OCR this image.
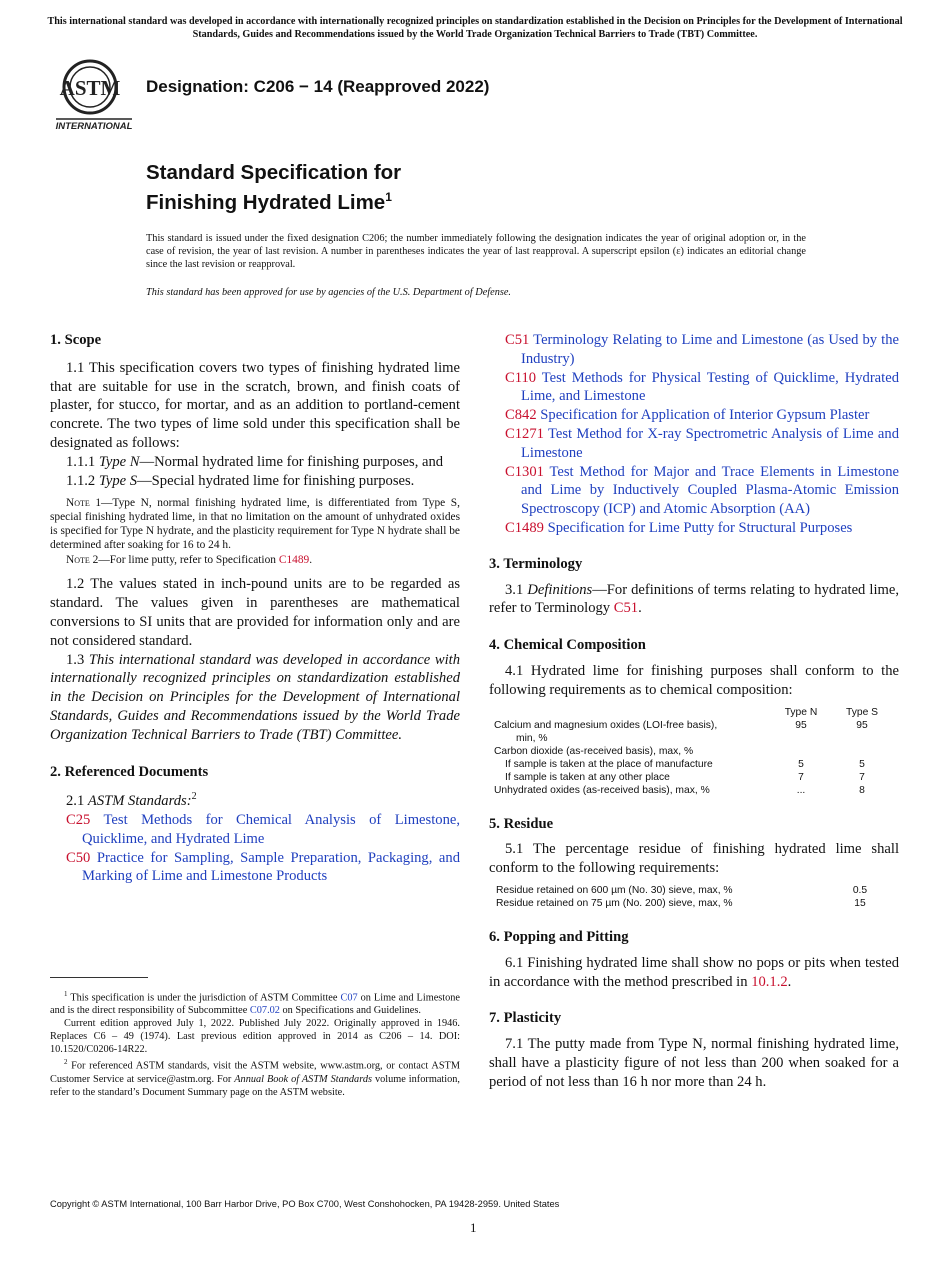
This international standard was developed in accordance with internationally recognized principles on standardization established in the Decision on Principles for the Development of International Standards, Guides and Recommendations issued by the World Trade Organization Technical Barriers to Trade (TBT) Committee.
ASTM
INTERNATIONAL
Designation: C206 − 14 (Reapproved 2022)
Standard Specification for
Finishing Hydrated Lime$^1$
This standard is issued under the fixed designation C206; the number immediately following the designation indicates the year of original adoption or, in the case of revision, the year of last revision. A number in parentheses indicates the year of last reapproval. A superscript epsilon (ε) indicates an editorial change since the last revision or reapproval.
This standard has been approved for use by agencies of the U.S. Department of Defense.

1. Scope

1.1 This specification covers two types of finishing hydrated lime that are suitable for use in the scratch, brown, and finish coats of plaster, for stucco, for mortar, and as an addition to portland-cement concrete. The two types of lime sold under this specification shall be designated as follows:

1.1.1 Type N—Normal hydrated lime for finishing purposes, and

1.1.2 Type S—Special hydrated lime for finishing purposes.

Note 1—Type N, normal finishing hydrated lime, is differentiated from Type S, special finishing hydrated lime, in that no limitation on the amount of unhydrated oxides is specified for Type N hydrate, and the plasticity requirement for Type N hydrate shall be determined after soaking for 16 to 24 h.

Note 2—For lime putty, refer to Specification C1489.

1.2 The values stated in inch-pound units are to be regarded as standard. The values given in parentheses are mathematical conversions to SI units that are provided for information only and are not considered standard.

1.3 This international standard was developed in accordance with internationally recognized principles on standardization established in the Decision on Principles for the Development of International Standards, Guides and Recommendations issued by the World Trade Organization Technical Barriers to Trade (TBT) Committee.

2. Referenced Documents

2.1 ASTM Standards:$^2$

C25 Test Methods for Chemical Analysis of Limestone, Quicklime, and Hydrated Lime

C50 Practice for Sampling, Sample Preparation, Packaging, and Marking of Lime and Limestone Products

$^1$ This specification is under the jurisdiction of ASTM Committee C07 on Lime and Limestone and is the direct responsibility of Subcommittee C07.02 on Specifications and Guidelines.

Current edition approved July 1, 2022. Published July 2022. Originally approved in 1946. Replaces C6 – 49 (1974). Last previous edition approved in 2014 as C206 – 14. DOI: 10.1520/C0206-14R22.

$^2$ For referenced ASTM standards, visit the ASTM website, www.astm.org, or contact ASTM Customer Service at service@astm.org. For Annual Book of ASTM Standards volume information, refer to the standard’s Document Summary page on the ASTM website.

C51 Terminology Relating to Lime and Limestone (as Used by the Industry)

C110 Test Methods for Physical Testing of Quicklime, Hydrated Lime, and Limestone

C842 Specification for Application of Interior Gypsum Plaster

C1271 Test Method for X-ray Spectrometric Analysis of Lime and Limestone

C1301 Test Method for Major and Trace Elements in Limestone and Lime by Inductively Coupled Plasma-Atomic Emission Spectroscopy (ICP) and Atomic Absorption (AA)

C1489 Specification for Lime Putty for Structural Purposes

3. Terminology

3.1 Definitions—For definitions of terms relating to hydrated lime, refer to Terminology C51.

4. Chemical Composition

4.1 Hydrated lime for finishing purposes shall conform to the following requirements as to chemical composition:

	Type N	Type S
Calcium and magnesium oxides (LOI-free basis),
min, %	95	95
Carbon dioxide (as-received basis), max, %		
If sample is taken at the place of manufacture	5	5
If sample is taken at any other place	7	7
Unhydrated oxides (as-received basis), max, %	...	8

5. Residue

5.1 The percentage residue of finishing hydrated lime shall conform to the following requirements:

Residue retained on 600 µm (No. 30) sieve, max, %	0.5
Residue retained on 75 µm (No. 200) sieve, max, %	15

6. Popping and Pitting

6.1 Finishing hydrated lime shall show no pops or pits when tested in accordance with the method prescribed in 10.1.2.

7. Plasticity

7.1 The putty made from Type N, normal finishing hydrated lime, shall have a plasticity figure of not less than 200 when soaked for a period of not less than 16 h nor more than 24 h.

Copyright © ASTM International, 100 Barr Harbor Drive, PO Box C700, West Conshohocken, PA 19428-2959. United States
1
